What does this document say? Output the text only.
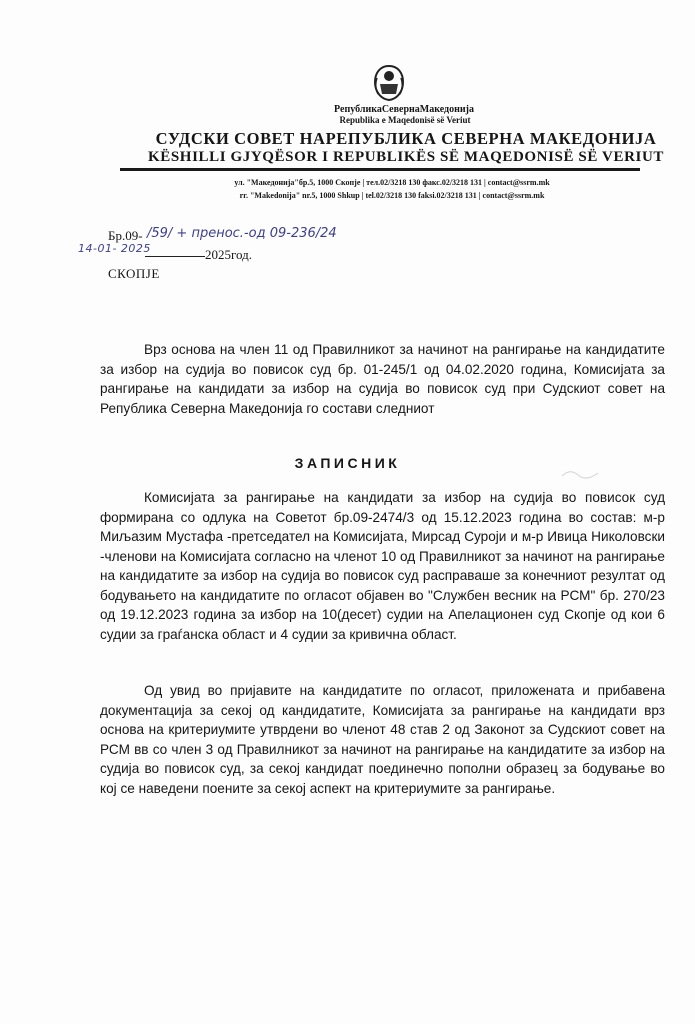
РепубликаСевернаМакедонија
Republika e Maqedonisë së Veriut
СУДСКИ СОВЕТ НАРЕПУБЛИКА СЕВЕРНА МАКЕДОНИЈА
KËSHILLI GJYQËSOR I REPUBLIKËS SË MAQEDONISË SË VERIUT
ул. "Македонија"бр.5, 1000 Скопје | тел.02/3218 130 факс.02/3218 131 | contact@ssrm.mk
rr. "Makedonija" nr.5, 1000 Shkup | tel.02/3218 130 faksi.02/3218 131 | contact@ssrm.mk
Бр.09- /59/ + пренос.-од 09-236/24
14-01- 2025	2025год.
СКОПЈЕ

Врз основа на член 11 од Правилникот за начинот на рангирање на кандидатите за избор на судија во повисок суд бр. 01-245/1 од 04.02.2020 година, Комисијата за рангирање на кандидати за избор на судија во повисок суд при Судскиот совет на Република Северна Македонија го состави следниот

ЗАПИСНИК

Комисијата за рангирање на кандидати за избор на судија во повисок суд формирана со одлука на Советот бр.09-2474/3 од 15.12.2023 година во состав: м-р Миљазим Мустафа -претседател на Комисијата, Мирсад Суроји и м-р Ивица Николовски -членови на Комисијата согласно на членот 10 од Правилникот за начинот на рангирање на кандидатите за избор на судија во повисок суд расправаше за конечниот резултат од бодувањето на кандидатите по огласот објавен во "Службен весник на РСМ" бр. 270/23 од 19.12.2023 година за избор на 10(десет) судии на Апелационен суд Скопје од кои 6 судии за граѓанска област и 4 судии за кривична област.

Од увид во пријавите на кандидатите по огласот, приложената и прибавена документација за секој од кандидатите, Комисијата за рангирање на кандидати врз основа на критериумите утврдени во членот 48 став 2 од Законот за Судскиот совет на РСМ вв со член 3 од Правилникот за начинот на рангирање на кандидатите за избор на судија во повисок суд, за секој кандидат поединечно пополни образец за бодување во кој се наведени поените за секој аспект на критериумите за рангирање.
